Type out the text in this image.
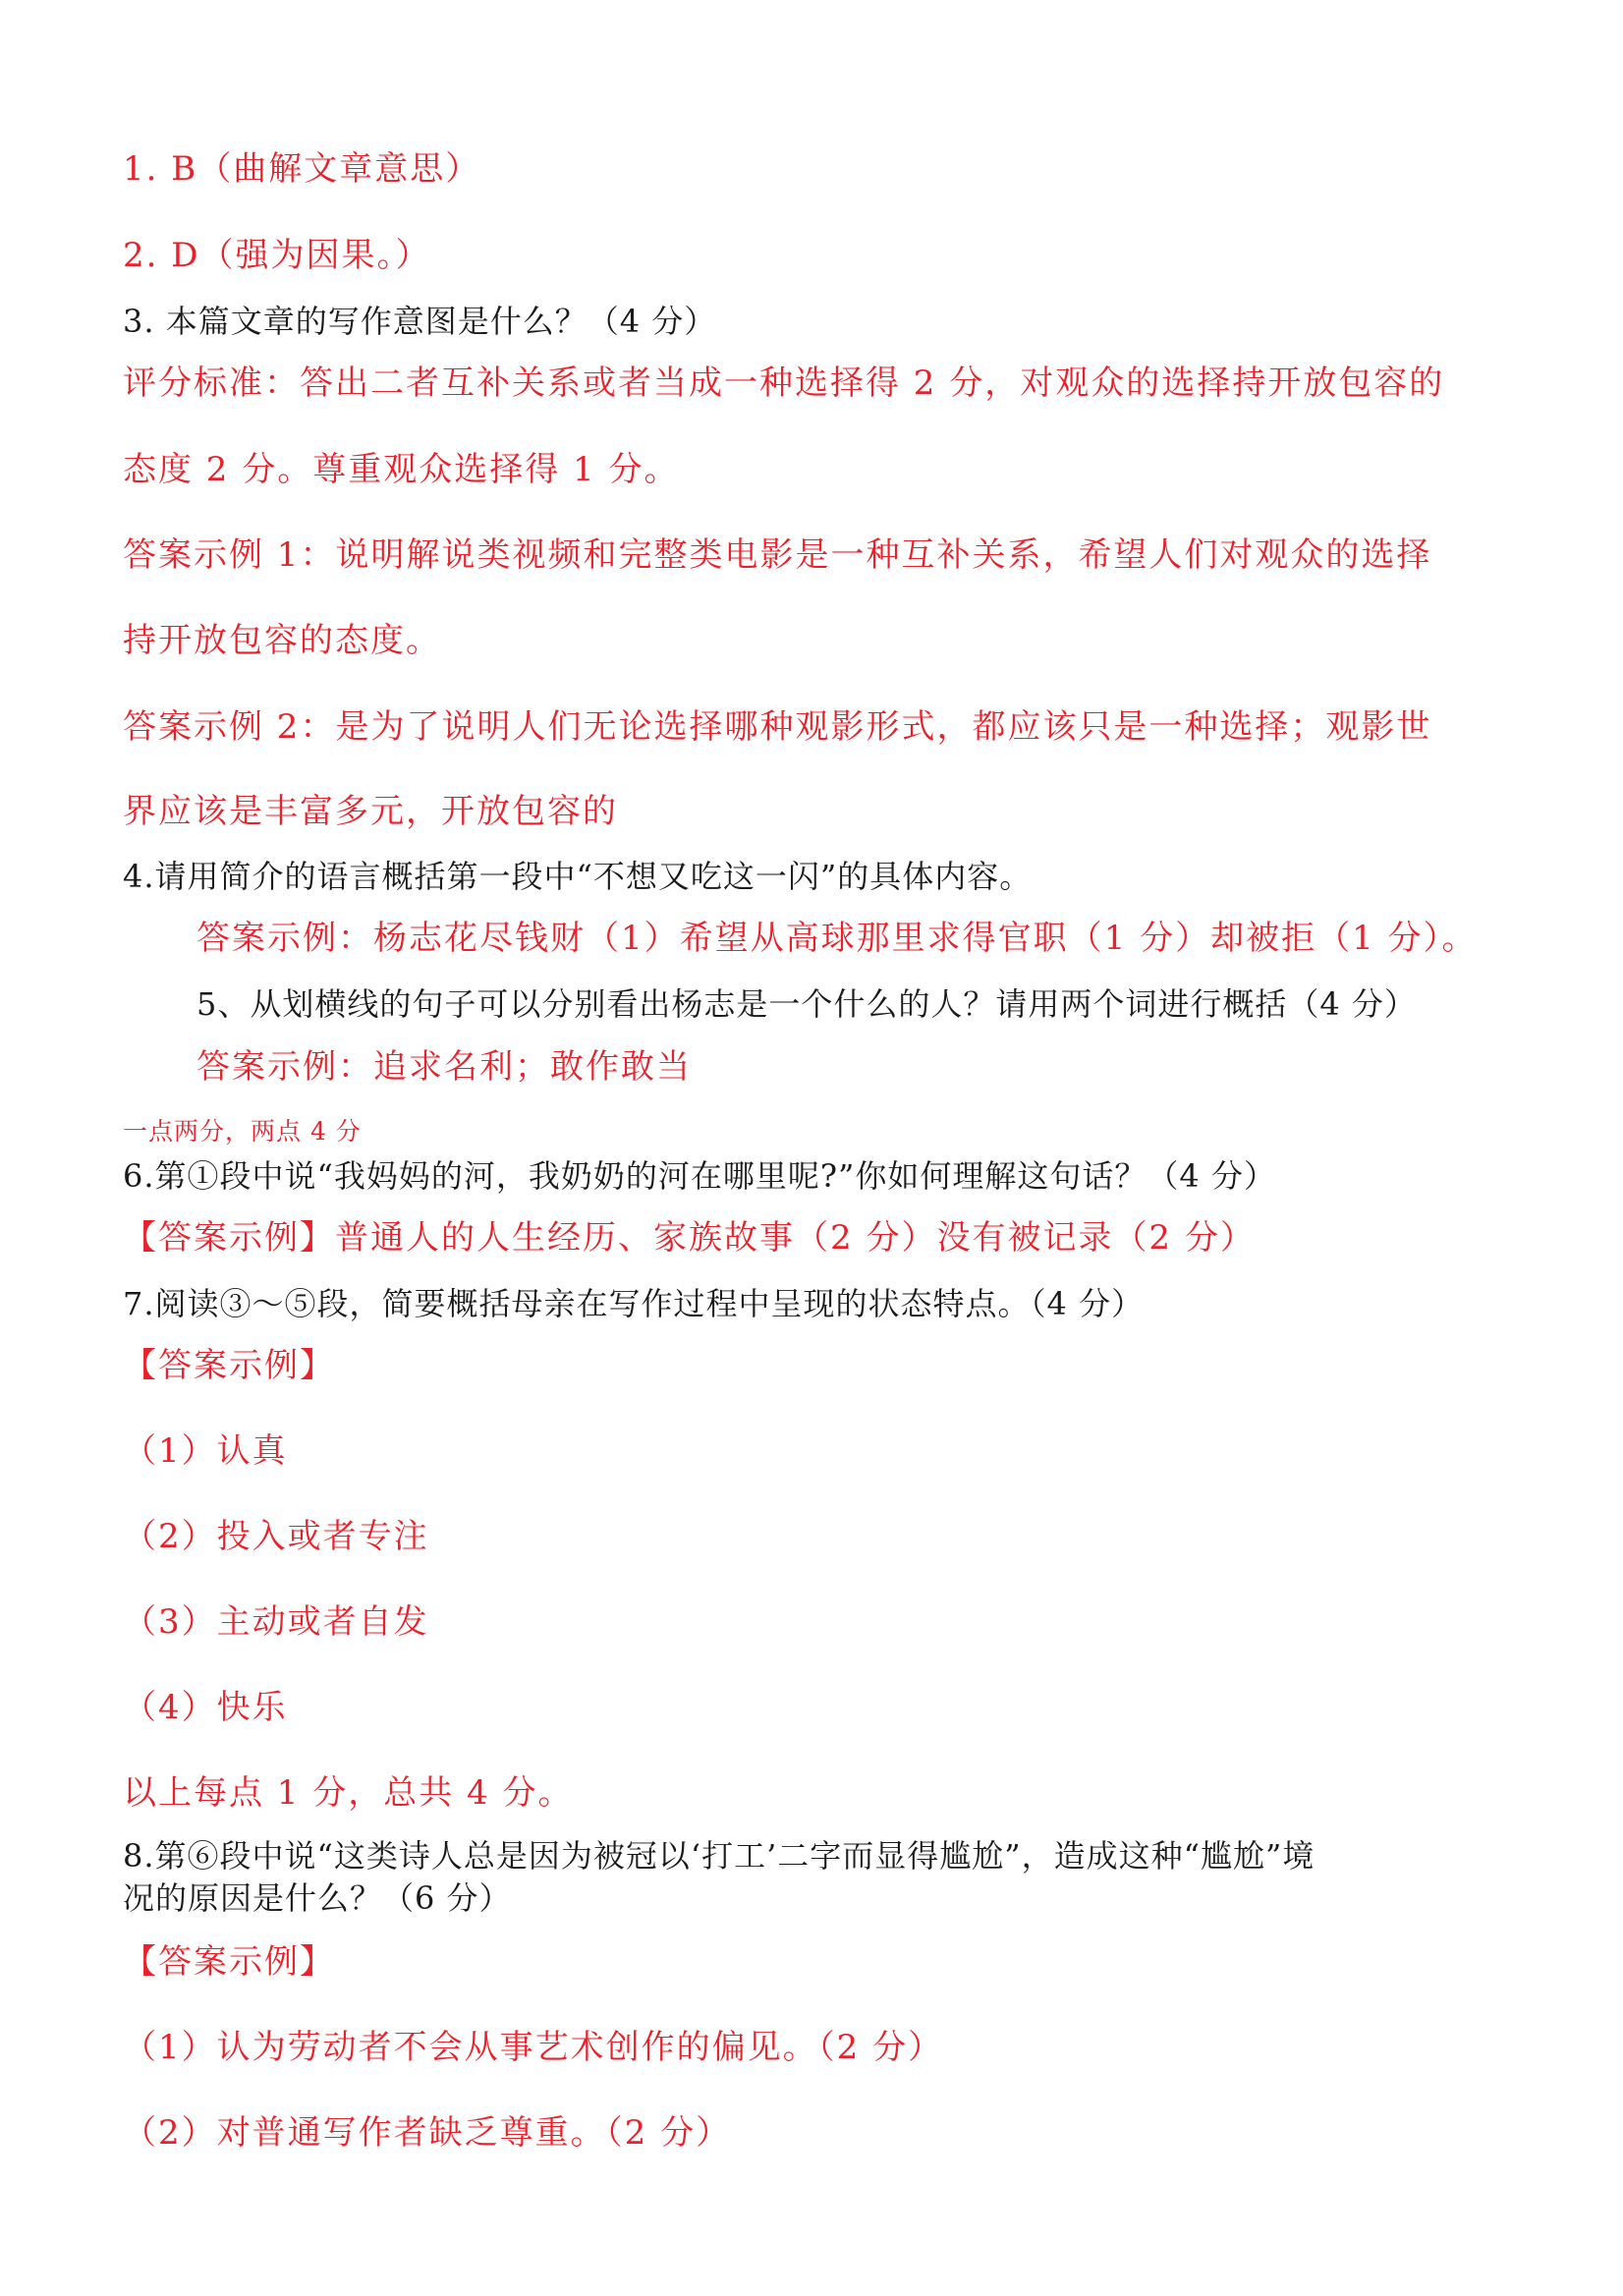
1. B（曲解文章意思）
2. D（强为因果。）
3. 本篇文章的写作意图是什么？（4 分）
评分标准：答出二者互补关系或者当成一种选择得 2 分，对观众的选择持开放包容的
态度 2 分。尊重观众选择得 1 分。
答案示例 1：说明解说类视频和完整类电影是一种互补关系，希望人们对观众的选择
持开放包容的态度。
答案示例 2：是为了说明人们无论选择哪种观影形式，都应该只是一种选择；观影世
界应该是丰富多元，开放包容的
4.请用简介的语言概括第一段中“不想又吃这一闪”的具体内容。
答案示例：杨志花尽钱财（1）希望从高球那里求得官职（1 分）却被拒（1 分）。
5、从划横线的句子可以分别看出杨志是一个什么的人？请用两个词进行概括（4 分）
答案示例：追求名利；敢作敢当
一点两分，两点 4 分
6.第①段中说“我妈妈的河，我奶奶的河在哪里呢?”你如何理解这句话？（4 分）
【答案示例】普通人的人生经历、家族故事（2 分）没有被记录（2 分）
7.阅读③～⑤段，简要概括母亲在写作过程中呈现的状态特点。（4 分）
【答案示例】
（1）认真
（2）投入或者专注
（3）主动或者自发
（4）快乐
以上每点 1 分，总共 4 分。
8.第⑥段中说“这类诗人总是因为被冠以‘打工’二字而显得尴尬”，造成这种“尴尬”境
况的原因是什么？（6 分）
【答案示例】
（1）认为劳动者不会从事艺术创作的偏见。（2 分）
（2）对普通写作者缺乏尊重。（2 分）
